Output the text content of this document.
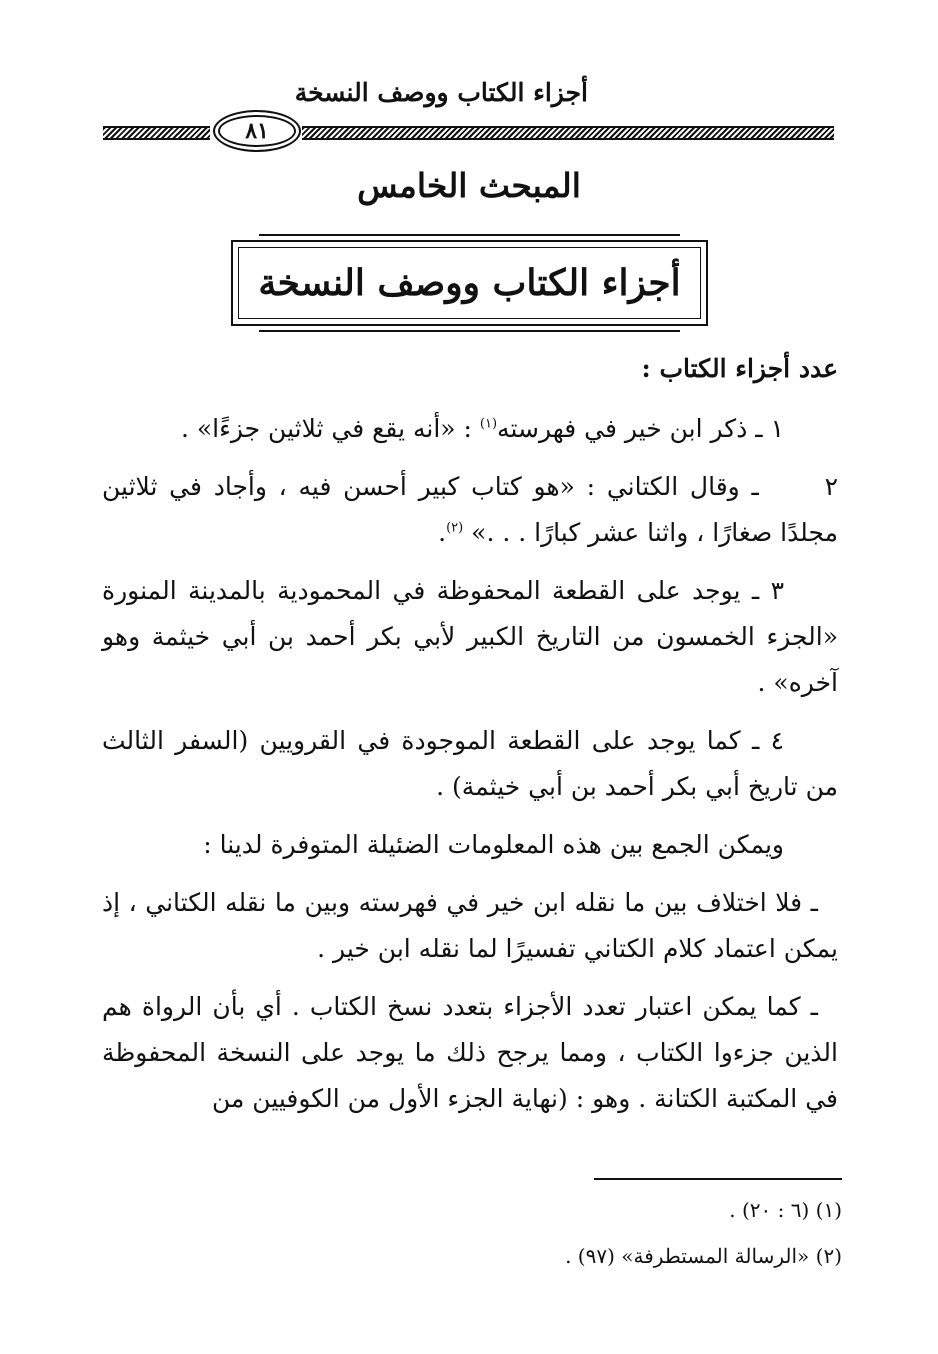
أجزاء الكتاب ووصف النسخة
٨١
المبحث الخامس
أجزاء الكتاب ووصف النسخة

عدد أجزاء الكتاب :

١ ـ ذكر ابن خير في فهرسته$^{(١)}$ : «أنه يقع في ثلاثين جزءًا» .

٢ ـ وقال الكتاني : «هو كتاب كبير أحسن فيه ، وأجاد في ثلاثين مجلدًا صغارًا ، واثنا عشر كبارًا . . .» $^{(٢)}$.

٣ ـ يوجد على القطعة المحفوظة في المحمودية بالمدينة المنورة «الجزء الخمسون من التاريخ الكبير لأبي بكر أحمد بن أبي خيثمة وهو آخره» .

٤ ـ كما يوجد على القطعة الموجودة في القرويين (السفر الثالث من تاريخ أبي بكر أحمد بن أبي خيثمة) .

ويمكن الجمع بين هذه المعلومات الضئيلة المتوفرة لدينا :

ـ فلا اختلاف بين ما نقله ابن خير في فهرسته وبين ما نقله الكتاني ، إذ يمكن اعتماد كلام الكتاني تفسيرًا لما نقله ابن خير .

ـ كما يمكن اعتبار تعدد الأجزاء بتعدد نسخ الكتاب . أي بأن الرواة هم الذين جزءوا الكتاب ، ومما يرجح ذلك ما يوجد على النسخة المحفوظة في المكتبة الكتانة . وهو : (نهاية الجزء الأول من الكوفيين من

(١) (٦ : ٢٠) .

(٢) «الرسالة المستطرفة» (٩٧) .
